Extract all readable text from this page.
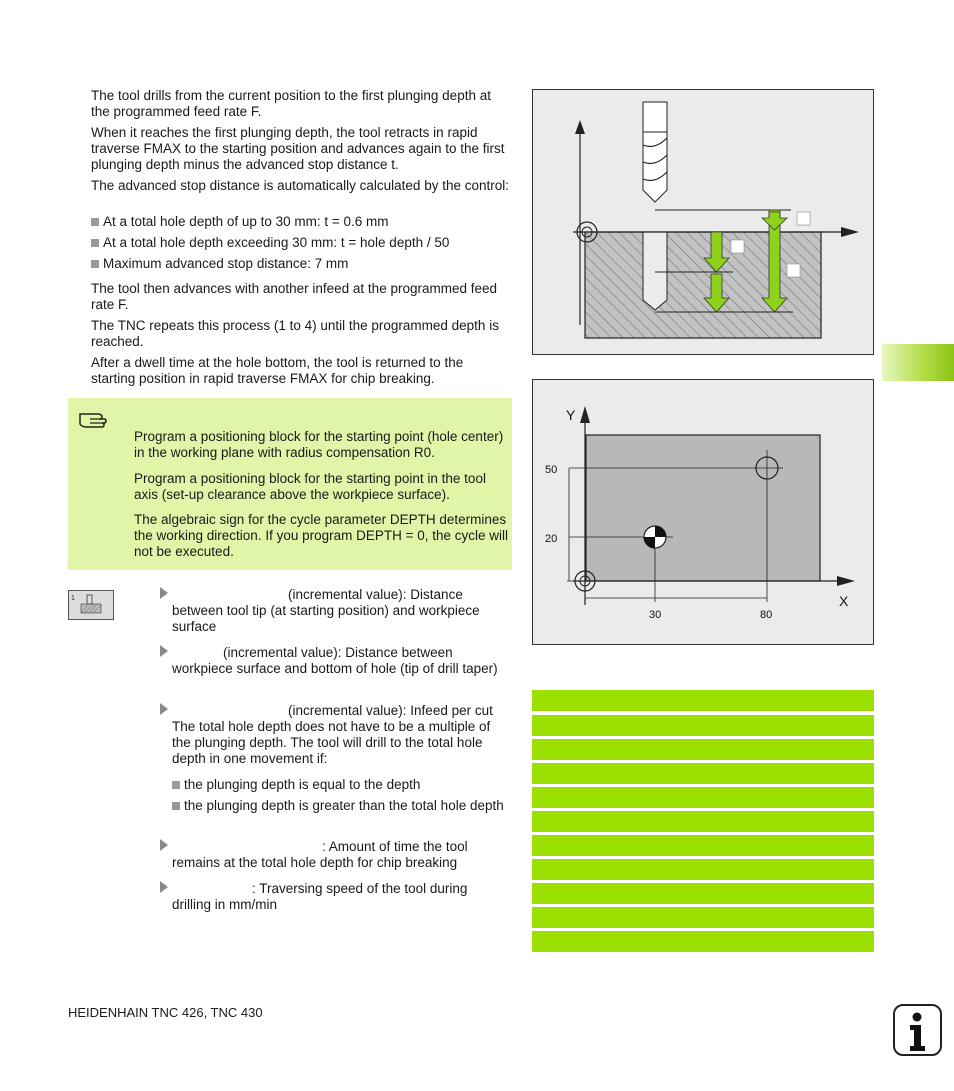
The tool drills from the current position to the first plunging depth at the programmed feed rate F.

When it reaches the first plunging depth, the tool retracts in rapid traverse FMAX to the starting position and advances again to the first plunging depth minus the advanced stop distance t.

The advanced stop distance is automatically calculated by the control:

At a total hole depth of up to 30 mm: t = 0.6 mm

At a total hole depth exceeding 30 mm: t = hole depth / 50

Maximum advanced stop distance: 7 mm

The tool then advances with another infeed at the programmed feed rate F.

The TNC repeats this process (1 to 4) until the programmed depth is reached.

After a dwell time at the hole bottom, the tool is returned to the starting position in rapid traverse FMAX for chip breaking.

Program a positioning block for the starting point (hole center) in the working plane with radius compensation R0.

Program a positioning block for the starting point in the tool axis (set-up clearance above the workpiece surface).

The algebraic sign for the cycle parameter DEPTH determines the working direction. If you program DEPTH = 0, the cycle will not be executed.

1	(incremental value): Distance between tool tip (at starting position) and workpiece surface

(incremental value): Distance between workpiece surface and bottom of hole (tip of drill taper)

(incremental value): Infeed per cut

The total hole depth does not have to be a multiple of the plunging depth. The tool will drill to the total hole depth in one movement if:

the plunging depth is equal to the depth

the plunging depth is greater than the total hole depth

: Amount of time the tool remains at the total hole depth for chip breaking

: Traversing speed of the tool during drilling in mm/min

Y
X
50
20
30	80

HEIDENHAIN TNC 426, TNC 430
